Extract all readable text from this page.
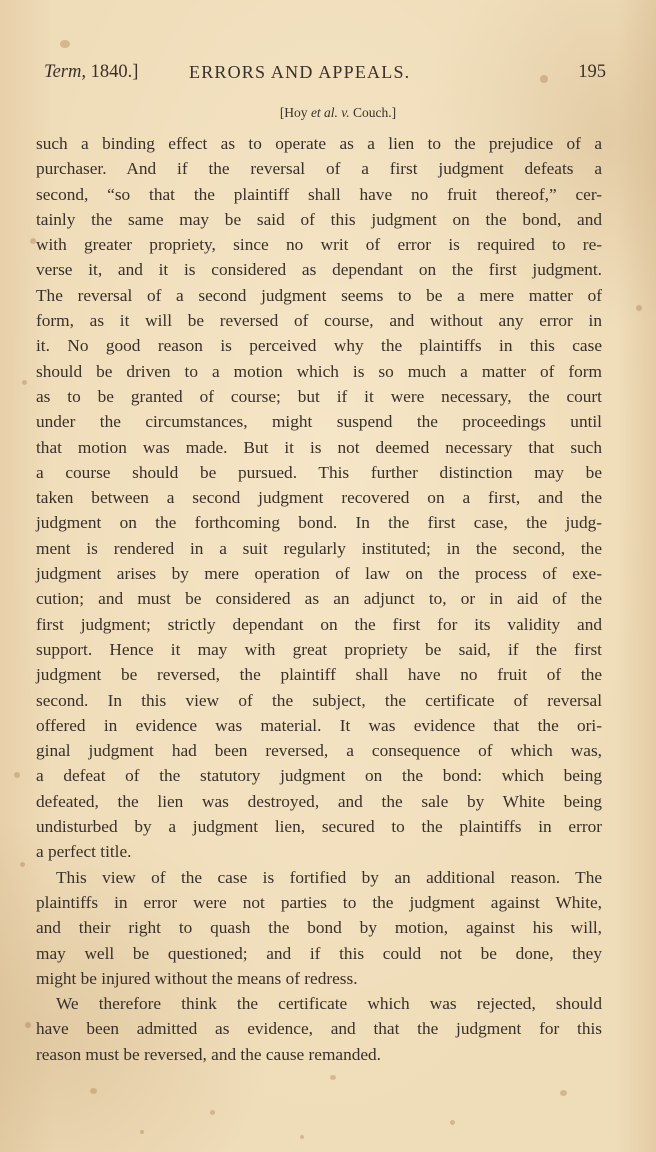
Term, 1840.]	ERRORS AND APPEALS.	195
[Hoy et al. v. Couch.]
such a binding effect as to operate as a lien to the prejudice of a
purchaser. And if the reversal of a first judgment defeats a
second, “so that the plaintiff shall have no fruit thereof,” cer-
tainly the same may be said of this judgment on the bond, and
with greater propriety, since no writ of error is required to re-
verse it, and it is considered as dependant on the first judgment.
The reversal of a second judgment seems to be a mere matter of
form, as it will be reversed of course, and without any error in
it. No good reason is perceived why the plaintiffs in this case
should be driven to a motion which is so much a matter of form
as to be granted of course; but if it were necessary, the court
under the circumstances, might suspend the proceedings until
that motion was made. But it is not deemed necessary that such
a course should be pursued. This further distinction may be
taken between a second judgment recovered on a first, and the
judgment on the forthcoming bond. In the first case, the judg-
ment is rendered in a suit regularly instituted; in the second, the
judgment arises by mere operation of law on the process of exe-
cution; and must be considered as an adjunct to, or in aid of the
first judgment; strictly dependant on the first for its validity and
support. Hence it may with great propriety be said, if the first
judgment be reversed, the plaintiff shall have no fruit of the
second. In this view of the subject, the certificate of reversal
offered in evidence was material. It was evidence that the ori-
ginal judgment had been reversed, a consequence of which was,
a defeat of the statutory judgment on the bond: which being
defeated, the lien was destroyed, and the sale by White being
undisturbed by a judgment lien, secured to the plaintiffs in error
a perfect title.
This view of the case is fortified by an additional reason. The
plaintiffs in error were not parties to the judgment against White,
and their right to quash the bond by motion, against his will,
may well be questioned; and if this could not be done, they
might be injured without the means of redress.
We therefore think the certificate which was rejected, should
have been admitted as evidence, and that the judgment for this
reason must be reversed, and the cause remanded.
